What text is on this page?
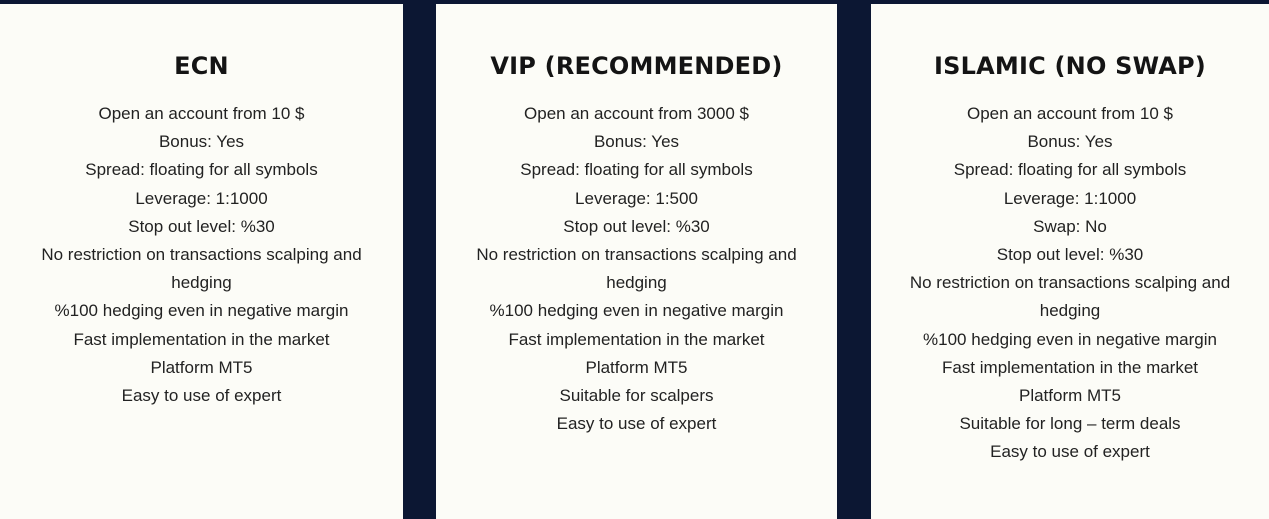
ECN
Open an account from 10 $
Bonus: Yes
Spread: floating for all symbols
Leverage: 1:1000
Stop out level: %30
No restriction on transactions scalping and hedging
%100 hedging even in negative margin
Fast implementation in the market
Platform MT5
Easy to use of expert
VIP (RECOMMENDED)
Open an account from 3000 $
Bonus: Yes
Spread: floating for all symbols
Leverage: 1:500
Stop out level: %30
No restriction on transactions scalping and hedging
%100 hedging even in negative margin
Fast implementation in the market
Platform MT5
Suitable for scalpers
Easy to use of expert
ISLAMIC (NO SWAP)
Open an account from 10 $
Bonus: Yes
Spread: floating for all symbols
Leverage: 1:1000
Swap: No
Stop out level: %30
No restriction on transactions scalping and hedging
%100 hedging even in negative margin
Fast implementation in the market
Platform MT5
Suitable for long – term deals
Easy to use of expert
